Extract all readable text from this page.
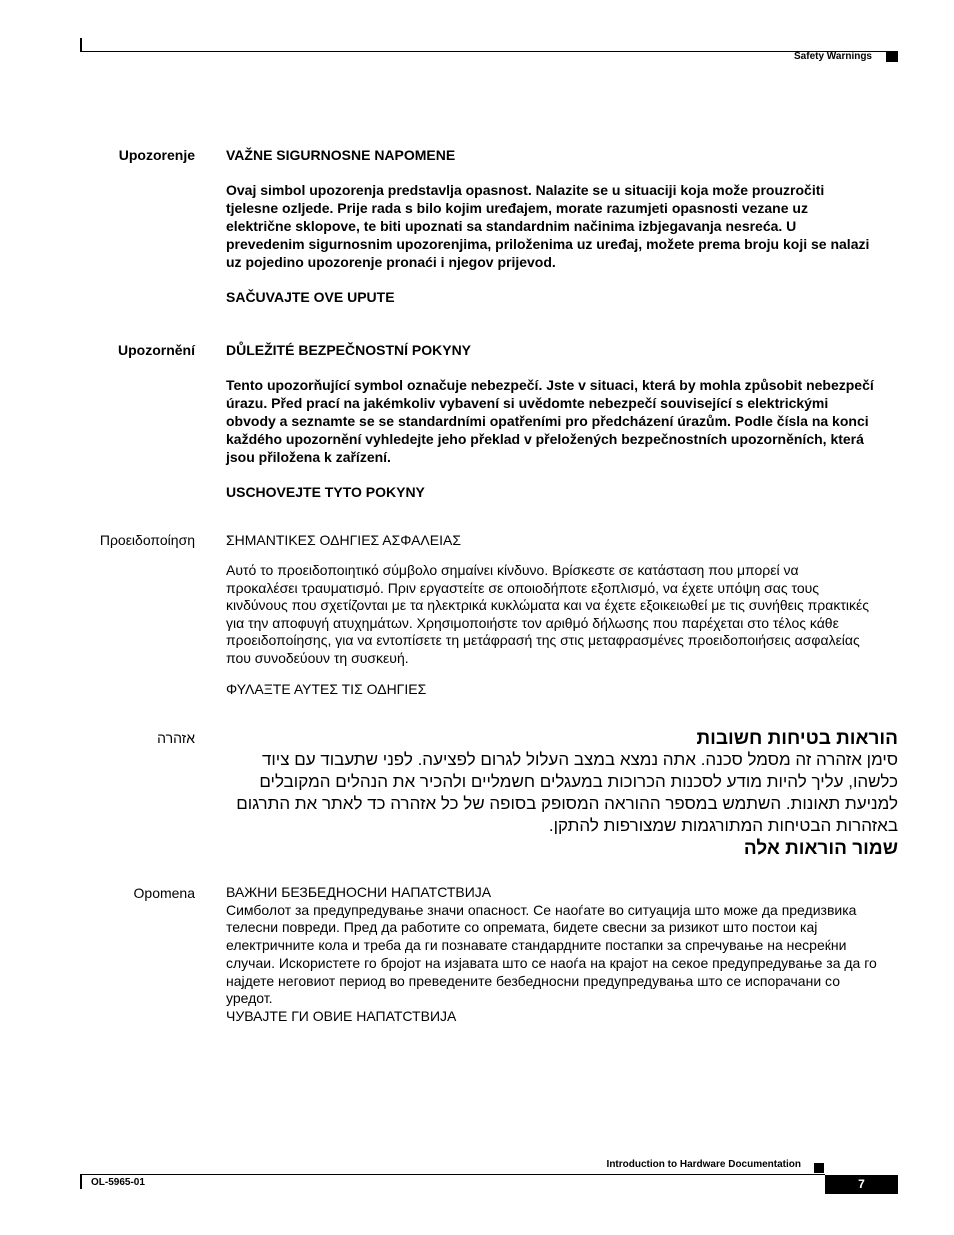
Safety Warnings
Upozorenje VAŽNE SIGURNOSNE NAPOMENE

Ovaj simbol upozorenja predstavlja opasnost. Nalazite se u situaciji koja može prouzročiti tjelesne ozljede. Prije rada s bilo kojim uređajem, morate razumjeti opasnosti vezane uz električne sklopove, te biti upoznati sa standardnim načinima izbjegavanja nesreća. U prevedenim sigurnosnim upozorenjima, priloženima uz uređaj, možete prema broju koji se nalazi uz pojedino upozorenje pronaći i njegov prijevod.

SAČUVAJTE OVE UPUTE

Upozornění DŮLEŽITÉ BEZPEČNOSTNÍ POKYNY

Tento upozorňující symbol označuje nebezpečí. Jste v situaci, která by mohla způsobit nebezpečí úrazu. Před prací na jakémkoliv vybavení si uvědomte nebezpečí související s elektrickými obvody a seznamte se se standardními opatřeními pro předcházení úrazům. Podle čísla na konci každého upozornění vyhledejte jeho překlad v přeložených bezpečnostních upozorněních, která jsou přiložena k zařízení.

USCHOVEJTE TYTO POKYNY

Προειδοποίηση ΣΗΜΑΝΤΙΚΕΣ ΟΔΗΓΙΕΣ ΑΣΦΑΛΕΙΑΣ

Αυτό το προειδοποιητικό σύμβολο σημαίνει κίνδυνο. Βρίσκεστε σε κατάσταση που μπορεί να προκαλέσει τραυματισμό. Πριν εργαστείτε σε οποιοδήποτε εξοπλισμό, να έχετε υπόψη σας τους κινδύνους που σχετίζονται με τα ηλεκτρικά κυκλώματα και να έχετε εξοικειωθεί με τις συνήθεις πρακτικές για την αποφυγή ατυχημάτων. Χρησιμοποιήστε τον αριθμό δήλωσης που παρέχεται στο τέλος κάθε προειδοποίησης, για να εντοπίσετε τη μετάφρασή της στις μεταφρασμένες προειδοποιήσεις ασφαλείας που συνοδεύουν τη συσκευή.

ΦΥΛΑΞΤΕ ΑΥΤΕΣ ΤΙΣ ΟΔΗΓΙΕΣ

אזהרה	הוראות בטיחות חשובות
סימן אזהרה זה מסמל סכנה. אתה נמצא במצב העלול לגרום לפציעה. לפני שתעבוד עם ציוד כלשהו, עליך להיות מודע לסכנות הכרוכות במעגלים חשמליים ולהכיר את הנהלים המקובלים למניעת תאונות. השתמש במספר ההוראה המסופק בסופה של כל אזהרה כד לאתר את התרגום באזהרות הבטיחות המתורגמות שמצורפות להתקן.
שמור הוראות אלה
Opomena ВАЖНИ БЕЗБЕДНОСНИ НАПАТСТВИЈА

Симболот за предупредување значи опасност. Се наоѓате во ситуација што може да предизвика телесни повреди. Пред да работите со опремата, бидете свесни за ризикот што постои кај електричните кола и треба да ги познавате стандардните постапки за спречување на несреќни случаи. Искористете го бројот на изјавата што се наоѓа на крајот на секое предупредување за да го најдете неговиот период во преведените безбедносни предупредувања што се испорачани со уредот.

ЧУВАЈТЕ ГИ ОВИЕ НАПАТСТВИЈА

Introduction to Hardware Documentation
OL-5965-01	7
